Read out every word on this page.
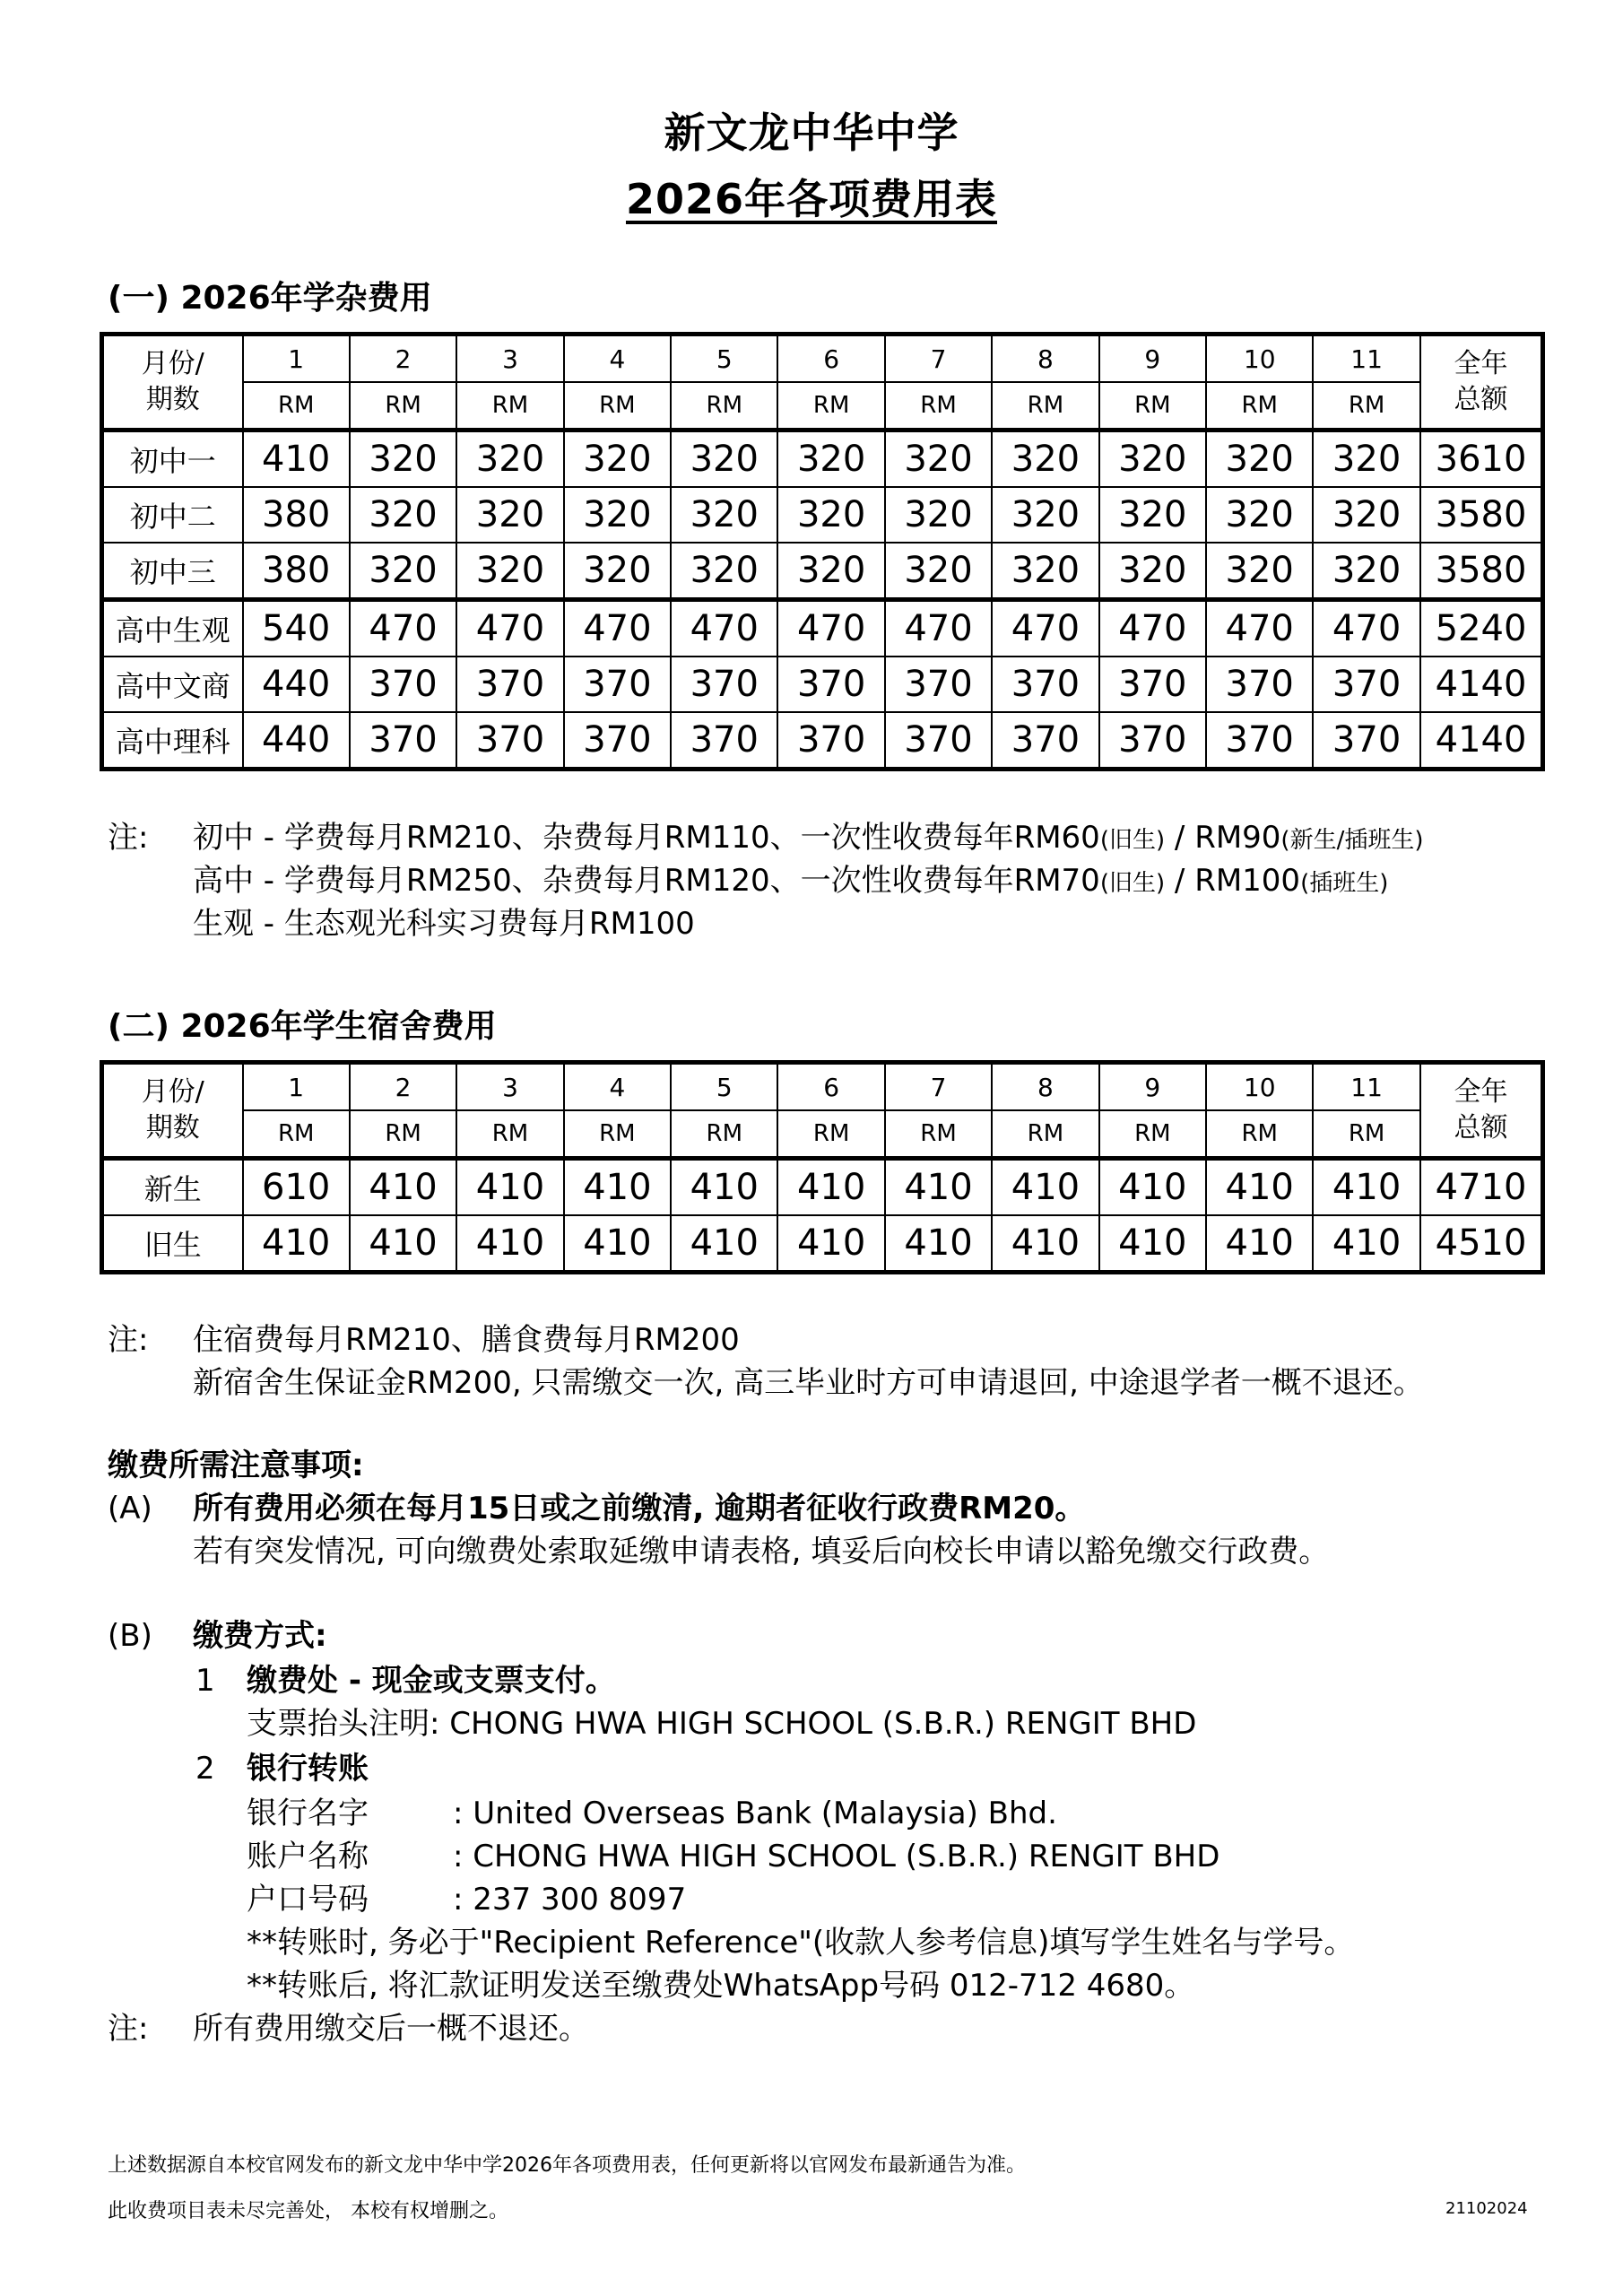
新文龙中华中学
2026年各项费用表
(一) 2026年学杂费用
月份/
期数	1	2	3	4	5	6	7	8	9	10	11	全年
总额
	RM	RM	RM	RM	RM	RM	RM	RM	RM	RM	RM	
初中一	410	320	320	320	320	320	320	320	320	320	320	3610
初中二	380	320	320	320	320	320	320	320	320	320	320	3580
初中三	380	320	320	320	320	320	320	320	320	320	320	3580
高中生观	540	470	470	470	470	470	470	470	470	470	470	5240
高中文商	440	370	370	370	370	370	370	370	370	370	370	4140
高中理科	440	370	370	370	370	370	370	370	370	370	370	4140
注: 初中 - 学费每月RM210、杂费每月RM110、一次性收费每年RM60(旧生) / RM90(新生/插班生)
高中 - 学费每月RM250、杂费每月RM120、一次性收费每年RM70(旧生) / RM100(插班生)
生观 - 生态观光科实习费每月RM100
(二) 2026年学生宿舍费用
月份/
期数	1	2	3	4	5	6	7	8	9	10	11	全年
总额
	RM	RM	RM	RM	RM	RM	RM	RM	RM	RM	RM	
新生	610	410	410	410	410	410	410	410	410	410	410	4710
旧生	410	410	410	410	410	410	410	410	410	410	410	4510
注: 住宿费每月RM210、膳食费每月RM200
新宿舍生保证金RM200, 只需缴交一次, 高三毕业时方可申请退回, 中途退学者一概不退还。
缴费所需注意事项:
(A) 所有费用必须在每月15日或之前缴清, 逾期者征收行政费RM20。
若有突发情况, 可向缴费处索取延缴申请表格, 填妥后向校长申请以豁免缴交行政费。
(B) 缴费方式:
1 缴费处 - 现金或支票支付。
支票抬头注明: CHONG HWA HIGH SCHOOL (S.B.R.) RENGIT BHD
2 银行转账
银行名字	: United Overseas Bank (Malaysia) Bhd.
账户名称	: CHONG HWA HIGH SCHOOL (S.B.R.) RENGIT BHD
户口号码	: 237 300 8097
**转账时, 务必于"Recipient Reference"(收款人参考信息)填写学生姓名与学号。
**转账后, 将汇款证明发送至缴费处WhatsApp号码 012-712 4680。
注: 所有费用缴交后一概不退还。
上述数据源自本校官网发布的新文龙中华中学2026年各项费用表，任何更新将以官网发布最新通告为准。
此收费项目表未尽完善处， 本校有权增删之。	21102024
